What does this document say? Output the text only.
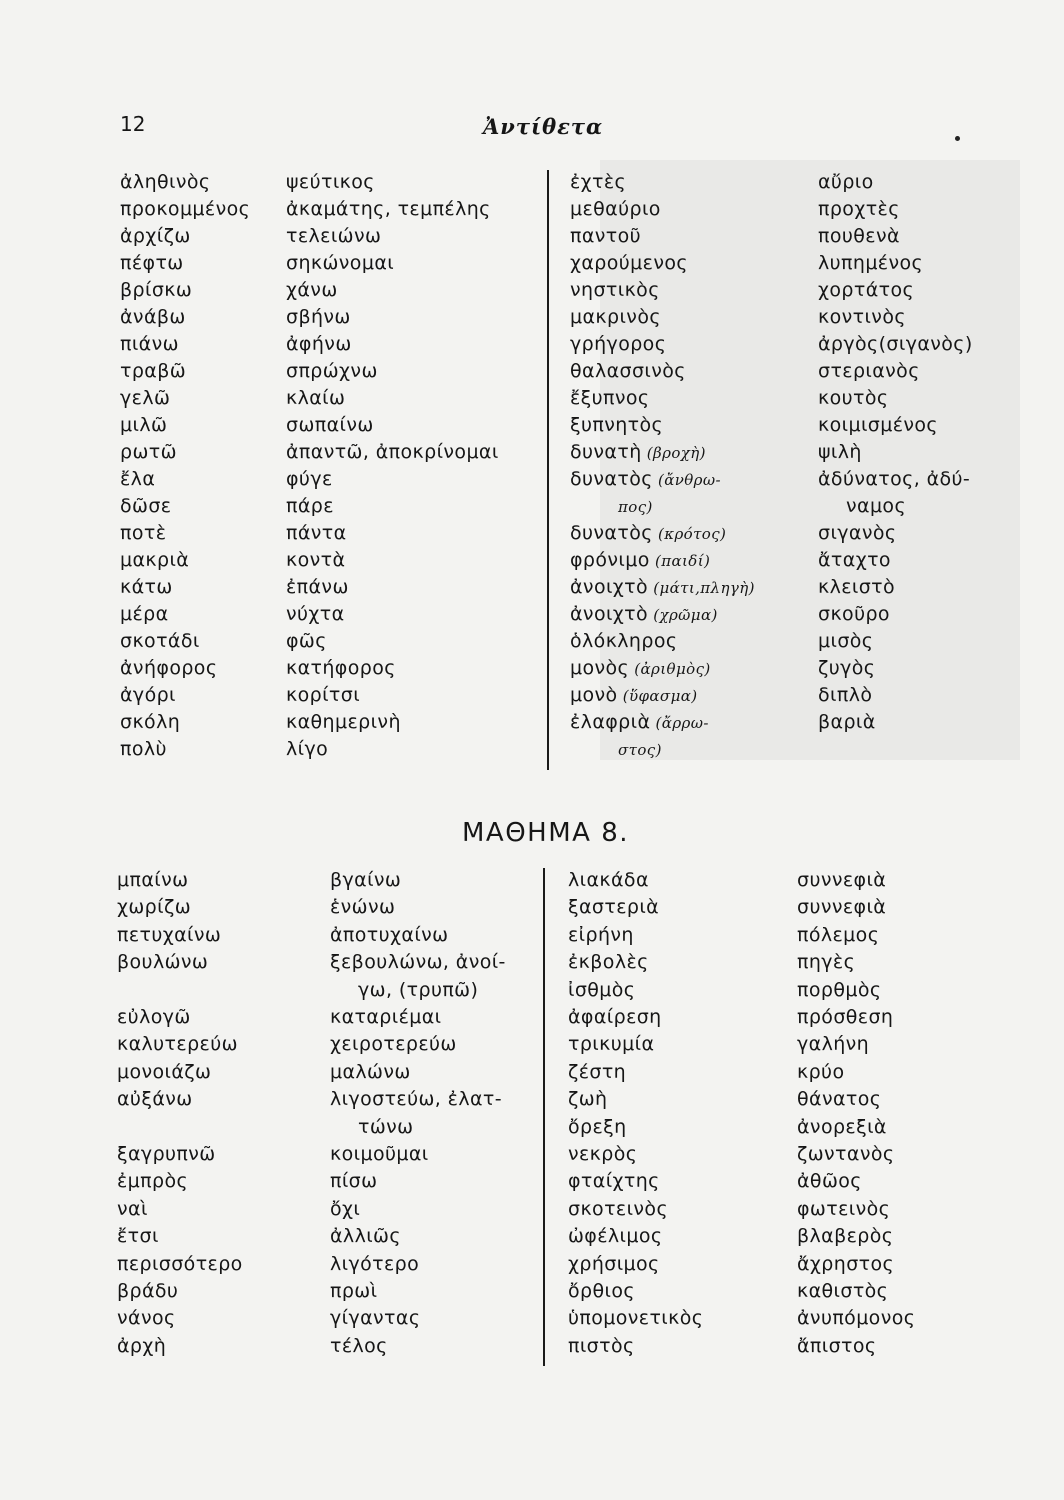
12	Ἀντίθετα
ἀληθινὸς	ψεύτικος
προκομμένος ἀκαμάτης, τεμπέλης
ἀρχίζω	τελειώνω
πέφτω	σηκώνομαι
βρίσκω	χάνω
ἀνάβω	σβήνω
πιάνω	ἀφήνω
τραβῶ	σπρώχνω
γελῶ	κλαίω
μιλῶ	σωπαίνω
ρωτῶ	ἀπαντῶ, ἀποκρίνομαι
ἔλα	φύγε
δῶσε	πάρε
ποτὲ	πάντα
μακριὰ	κοντὰ
κάτω	ἐπάνω
μέρα	νύχτα
σκοτάδι	φῶς
ἀνήφορος	κατήφορος
ἀγόρι	κορίτσι
σκόλη	καθημερινὴ
πολὺ	λίγο
ἐχτὲς	αὔριο
μεθαύριο	προχτὲς
παντοῦ	πουθενὰ
χαρούμενος	λυπημένος
νηστικὸς	χορτάτος
μακρινὸς	κοντινὸς
γρήγορος	ἀργὸς(σιγανὸς)
θαλασσινὸς	στεριανὸς
ἔξυπνος	κουτὸς
ξυπνητὸς	κοιμισμένος
δυνατὴ (βροχὴ)	ψιλὴ
δυνατὸς (ἄνθρω-	ἀδύνατος, ἀδύ-
πος)	ναμος
δυνατὸς (κρότος)	σιγανὸς
φρόνιμο (παιδί)	ἄταχτο
ἀνοιχτὸ (μάτι,πληγὴ)	κλειστὸ
ἀνοιχτὸ (χρῶμα)	σκοῦρο
ὁλόκληρος	μισὸς
μονὸς (ἀριθμὸς)	ζυγὸς
μονὸ (ὕφασμα)	διπλὸ
ἐλαφριὰ (ἄρρω-	βαριὰ
στος)
ΜΑΘΗΜΑ 8.
μπαίνω	βγαίνω
χωρίζω	ἑνώνω
πετυχαίνω	ἀποτυχαίνω
βουλώνω	ξεβουλώνω, ἀνοί-
γω, (τρυπῶ)
εὐλογῶ	καταριέμαι
καλυτερεύω	χειροτερεύω
μονοιάζω	μαλώνω
αὐξάνω	λιγοστεύω, ἐλατ-
τώνω
ξαγρυπνῶ	κοιμοῦμαι
ἐμπρὸς	πίσω
ναὶ	ὄχι
ἔτσι	ἀλλιῶς
περισσότερο	λιγότερο
βράδυ	πρωὶ
νάνος	γίγαντας
ἀρχὴ	τέλος
λιακάδα	συννεφιὰ
ξαστεριὰ	συννεφιὰ
εἰρήνη	πόλεμος
ἐκβολὲς	πηγὲς
ἰσθμὸς	πορθμὸς
ἀφαίρεση	πρόσθεση
τρικυμία	γαλήνη
ζέστη	κρύο
ζωὴ	θάνατος
ὄρεξη	ἀνορεξιὰ
νεκρὸς	ζωντανὸς
φταίχτης	ἀθῶος
σκοτεινὸς	φωτεινὸς
ὠφέλιμος	βλαβερὸς
χρήσιμος	ἄχρηστος
ὄρθιος	καθιστὸς
ὑπομονετικὸς	ἀνυπόμονος
πιστὸς	ἄπιστος
